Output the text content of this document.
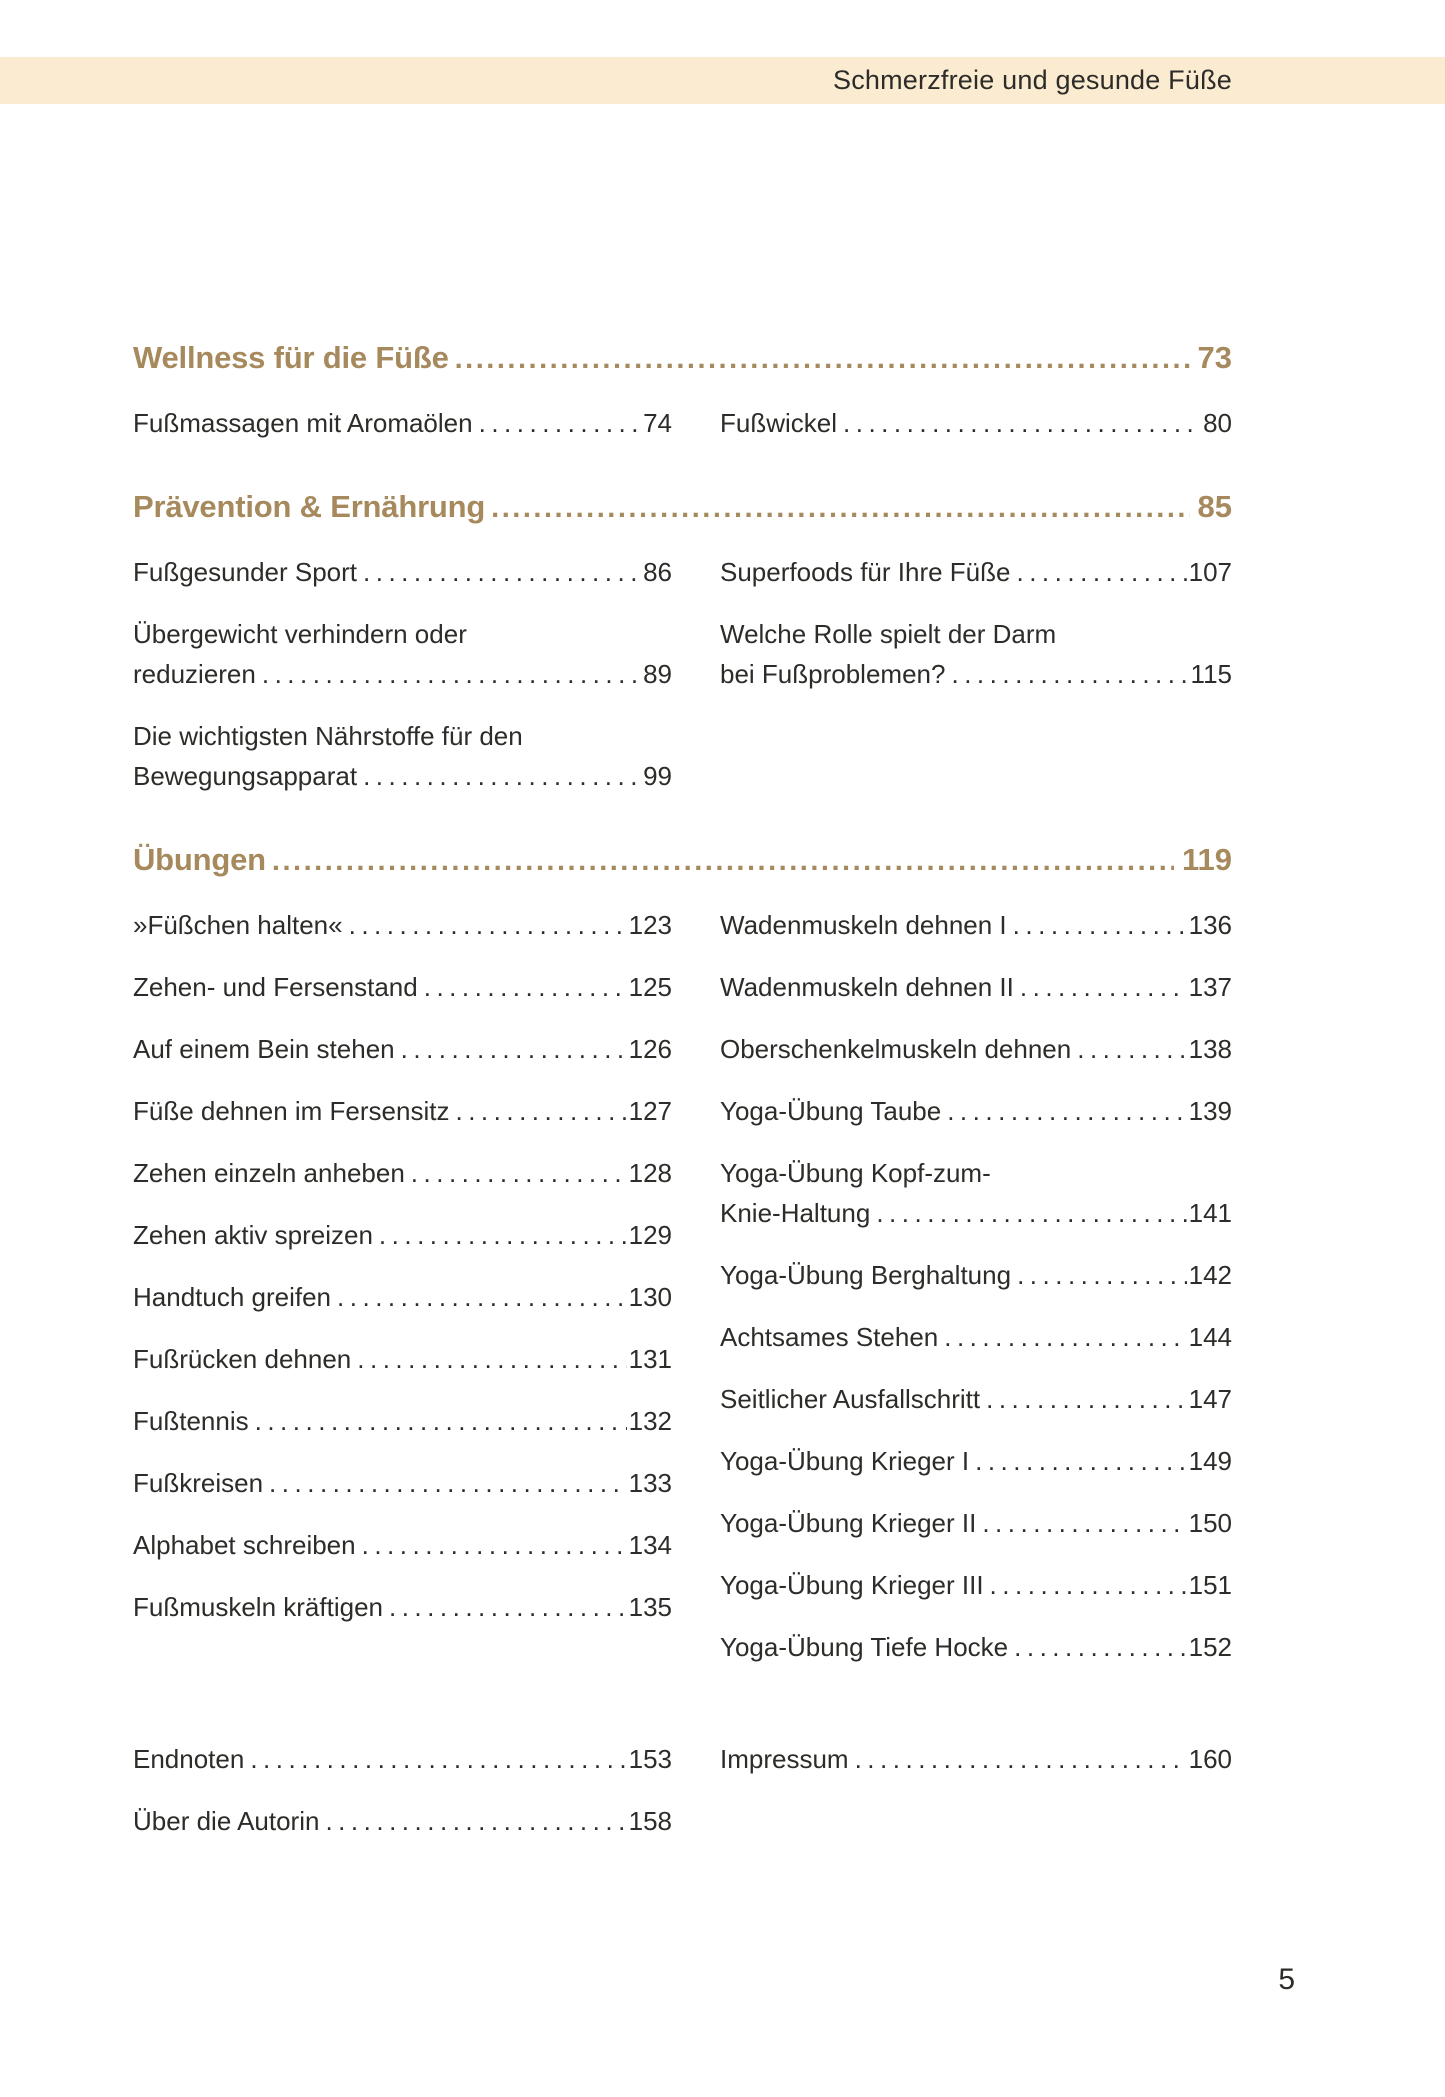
Schmerzfreie und gesunde Füße
Wellness für die Füße .....	73
Fußmassagen mit Aromaölen .....	74 Fußwickel .....	80
Prävention & Ernährung .....	85
Fußgesunder Sport .....	86
Übergewicht verhindern oder
reduzieren .....	89
Die wichtigsten Nährstoffe für den
Bewegungsapparat .....	99
Superfoods für Ihre Füße .....	107
Welche Rolle spielt der Darm
bei Fußproblemen? .....	115
Übungen .....	119
»Füßchen halten« .....	123
Zehen- und Fersenstand .....	125
Auf einem Bein stehen .....	126
Füße dehnen im Fersensitz .....	127
Zehen einzeln anheben .....	128
Zehen aktiv spreizen .....	129
Handtuch greifen .....	130
Fußrücken dehnen .....	131
Fußtennis .....	132
Fußkreisen .....	133
Alphabet schreiben .....	134
Fußmuskeln kräftigen .....	135
Wadenmuskeln dehnen I .....	136
Wadenmuskeln dehnen II .....	137
Oberschenkelmuskeln dehnen .....	138
Yoga-Übung Taube .....	139
Yoga-Übung Kopf-zum-
Knie-Haltung .....	141
Yoga-Übung Berghaltung .....	142
Achtsames Stehen .....	144
Seitlicher Ausfallschritt .....	147
Yoga-Übung Krieger I .....	149
Yoga-Übung Krieger II .....	150
Yoga-Übung Krieger III .....	151
Yoga-Übung Tiefe Hocke .....	152
Endnoten .....	153
Über die Autorin .....	158
Impressum .....	160
5
